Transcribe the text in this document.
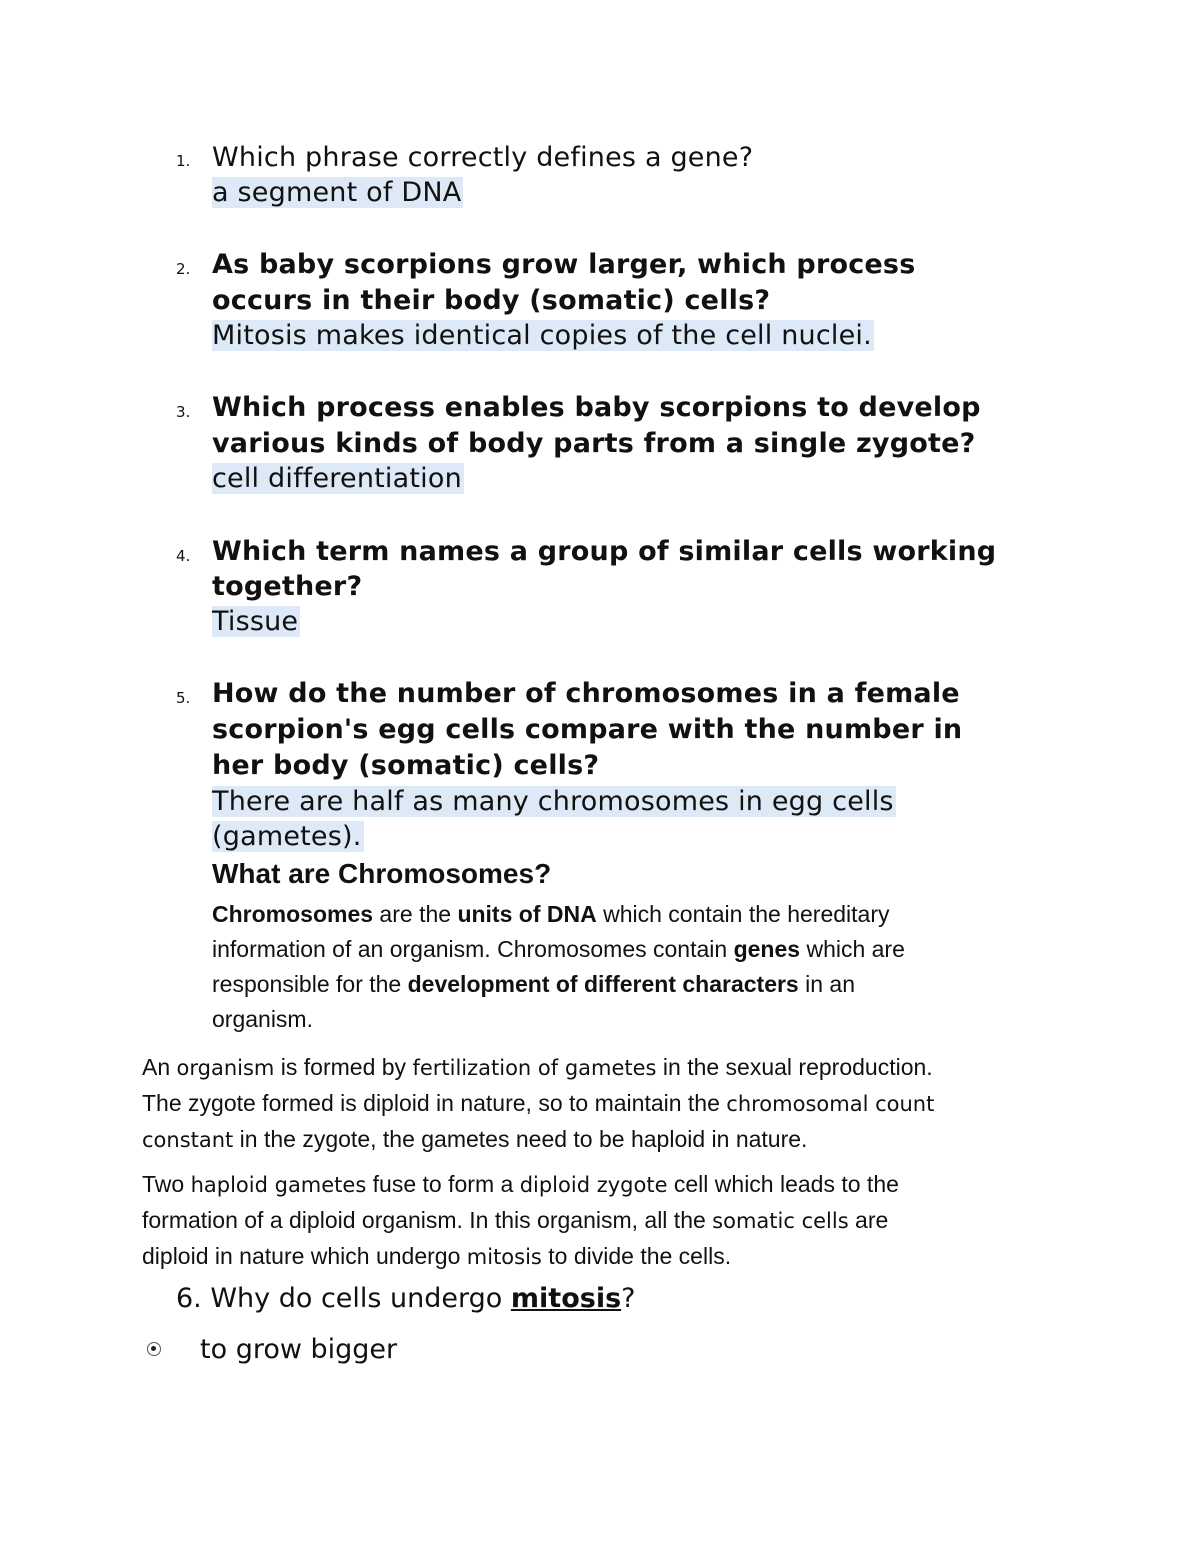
1. Which phrase correctly defines a gene?
a segment of DNA
2. As baby scorpions grow larger, which process
occurs in their body (somatic) cells?
Mitosis makes identical copies of the cell nuclei.
3. Which process enables baby scorpions to develop
various kinds of body parts from a single zygote?
cell differentiation
4. Which term names a group of similar cells working
together?
Tissue
5. How do the number of chromosomes in a female
scorpion's egg cells compare with the number in
her body (somatic) cells?
There are half as many chromosomes in egg cells
(gametes).
What are Chromosomes?
Chromosomes are the units of DNA which contain the hereditary
information of an organism. Chromosomes contain genes which are
responsible for the development of different characters in an
organism.
An organism is formed by fertilization of gametes in the sexual reproduction.
The zygote formed is diploid in nature, so to maintain the chromosomal count
constant in the zygote, the gametes need to be haploid in nature.
Two haploid gametes fuse to form a diploid zygote cell which leads to the
formation of a diploid organism. In this organism, all the somatic cells are
diploid in nature which undergo mitosis to divide the cells.
6. Why do cells undergo mitosis?
to grow bigger
